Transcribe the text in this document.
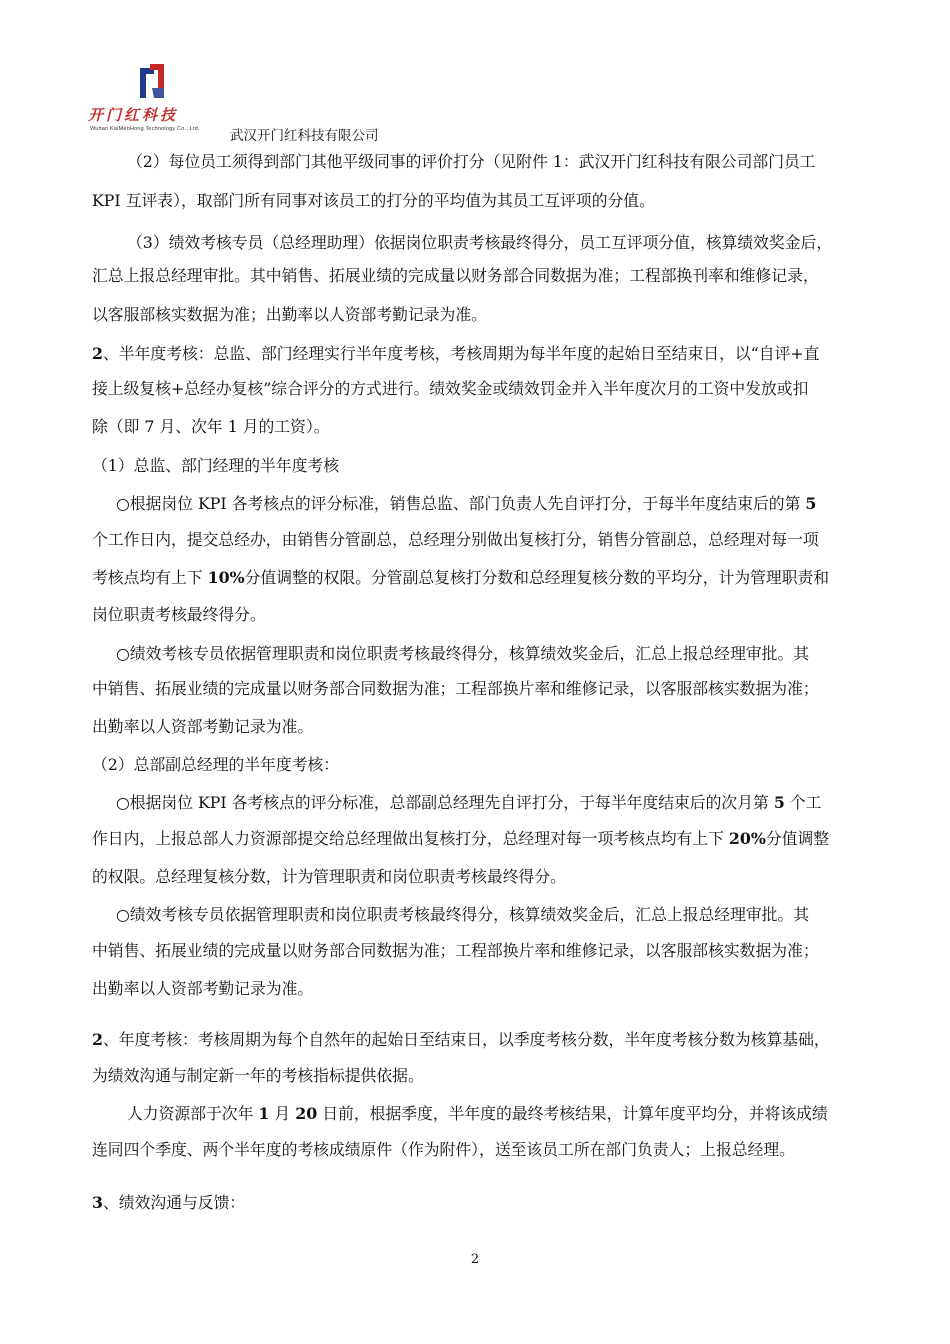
开门红科技
Wuhan KaiMenHong Technology Co., Ltd. 武汉开门红科技有限公司
（2）每位员工须得到部门其他平级同事的评价打分（见附件 1：武汉开门红科技有限公司部门员工
KPI 互评表），取部门所有同事对该员工的打分的平均值为其员工互评项的分值。
（3）绩效考核专员（总经理助理）依据岗位职责考核最终得分，员工互评项分值，核算绩效奖金后，
汇总上报总经理审批。其中销售、拓展业绩的完成量以财务部合同数据为准；工程部换刊率和维修记录，
以客服部核实数据为准；出勤率以人资部考勤记录为准。
2、半年度考核：总监、部门经理实行半年度考核，考核周期为每半年度的起始日至结束日，以“自评+直
接上级复核+总经办复核”综合评分的方式进行。绩效奖金或绩效罚金并入半年度次月的工资中发放或扣
除（即 7 月、次年 1 月的工资）。
（1）总监、部门经理的半年度考核
○根据岗位 KPI 各考核点的评分标准，销售总监、部门负责人先自评打分，于每半年度结束后的第 5
个工作日内，提交总经办，由销售分管副总，总经理分别做出复核打分，销售分管副总，总经理对每一项
考核点均有上下 10%分值调整的权限。分管副总复核打分数和总经理复核分数的平均分，计为管理职责和
岗位职责考核最终得分。
○绩效考核专员依据管理职责和岗位职责考核最终得分，核算绩效奖金后，汇总上报总经理审批。其
中销售、拓展业绩的完成量以财务部合同数据为准；工程部换片率和维修记录，以客服部核实数据为准；
出勤率以人资部考勤记录为准。
（2）总部副总经理的半年度考核：
○根据岗位 KPI 各考核点的评分标准，总部副总经理先自评打分，于每半年度结束后的次月第 5 个工
作日内，上报总部人力资源部提交给总经理做出复核打分，总经理对每一项考核点均有上下 20%分值调整
的权限。总经理复核分数，计为管理职责和岗位职责考核最终得分。
○绩效考核专员依据管理职责和岗位职责考核最终得分，核算绩效奖金后，汇总上报总经理审批。其
中销售、拓展业绩的完成量以财务部合同数据为准；工程部换片率和维修记录，以客服部核实数据为准；
出勤率以人资部考勤记录为准。
2、年度考核：考核周期为每个自然年的起始日至结束日，以季度考核分数，半年度考核分数为核算基础，
为绩效沟通与制定新一年的考核指标提供依据。
人力资源部于次年 1 月 20 日前，根据季度，半年度的最终考核结果，计算年度平均分，并将该成绩
连同四个季度、两个半年度的考核成绩原件（作为附件），送至该员工所在部门负责人；上报总经理。
3、绩效沟通与反馈：
2
